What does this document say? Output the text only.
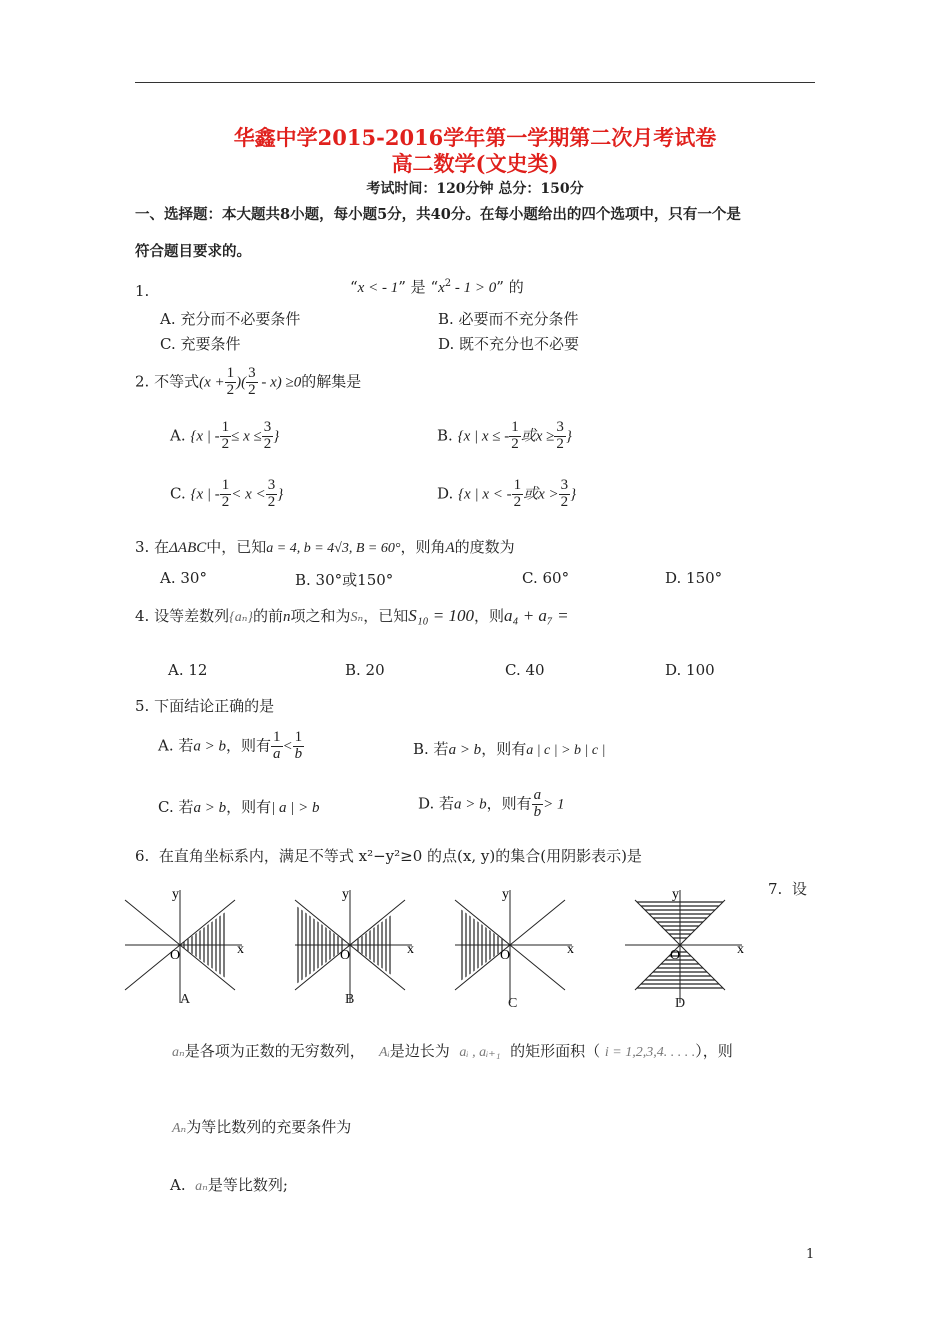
华鑫中学2015-2016学年第一学期第二次月考试卷
高二数学(文史类)
考试时间：120分钟 总分：150分
一、选择题：本大题共8小题，每小题5分，共40分。在每小题给出的四个选项中，只有一个是
符合题目要求的。
1.	“x < - 1” 是 “$x^2 - 1 > 0$” 的
A. 充分而不必要条件	B. 必要而不充分条件
C. 充要条件	D. 既不充分也不必要
2. 不等式($x + \frac{1}{2}$ )( $\frac{3}{2} - x) \ge 0$的解集是
A. {x | - $\frac{1}{2} \le x \le \frac{3}{2}$ }	B. {x | x ≤ - $\frac{1}{2}$ 或$x \ge \frac{3}{2}$ }
C. {x | - $\frac{1}{2} < x < \frac{3}{2}$ }	D. {x | x < - $\frac{1}{2}$ 或$x > \frac{3}{2}$ }
3. 在ΔABC中，已知a = 4, b = 4√3, B = 60°，则角A的度数为
A. 30°	B. 30°或150°	C. 60°	D. 150°
4. 设等差数列{aₙ}的前n项之和为Sₙ，已知S₁₀ = 100，则a₄ + a₇ =
A. 12	B. 20	C. 40	D. 100
5. 下面结论正确的是
A. 若a > b，则有 $\frac{1}{a} < \frac{1}{b}$	B. 若a > b，则有a | c | > b | c |
C. 若a > b，则有| a | > b	D. 若a > b，则有 $\frac{a}{b} > 1$
6. 在直角坐标系内，满足不等式 x²−y²≥0 的点(x, y)的集合(用阴影表示)是
y
x
O
A
y
x
O
B
y
x
O
C
y
x
O
D
7. 设
aₙ是各项为正数的无穷数列， Aᵢ是边长为 aᵢ , aᵢ₊₁ 的矩形面积（ i = 1,2,3,4. . . . .），则
Aₙ为等比数列的充要条件为
A. aₙ是等比数列;
1
